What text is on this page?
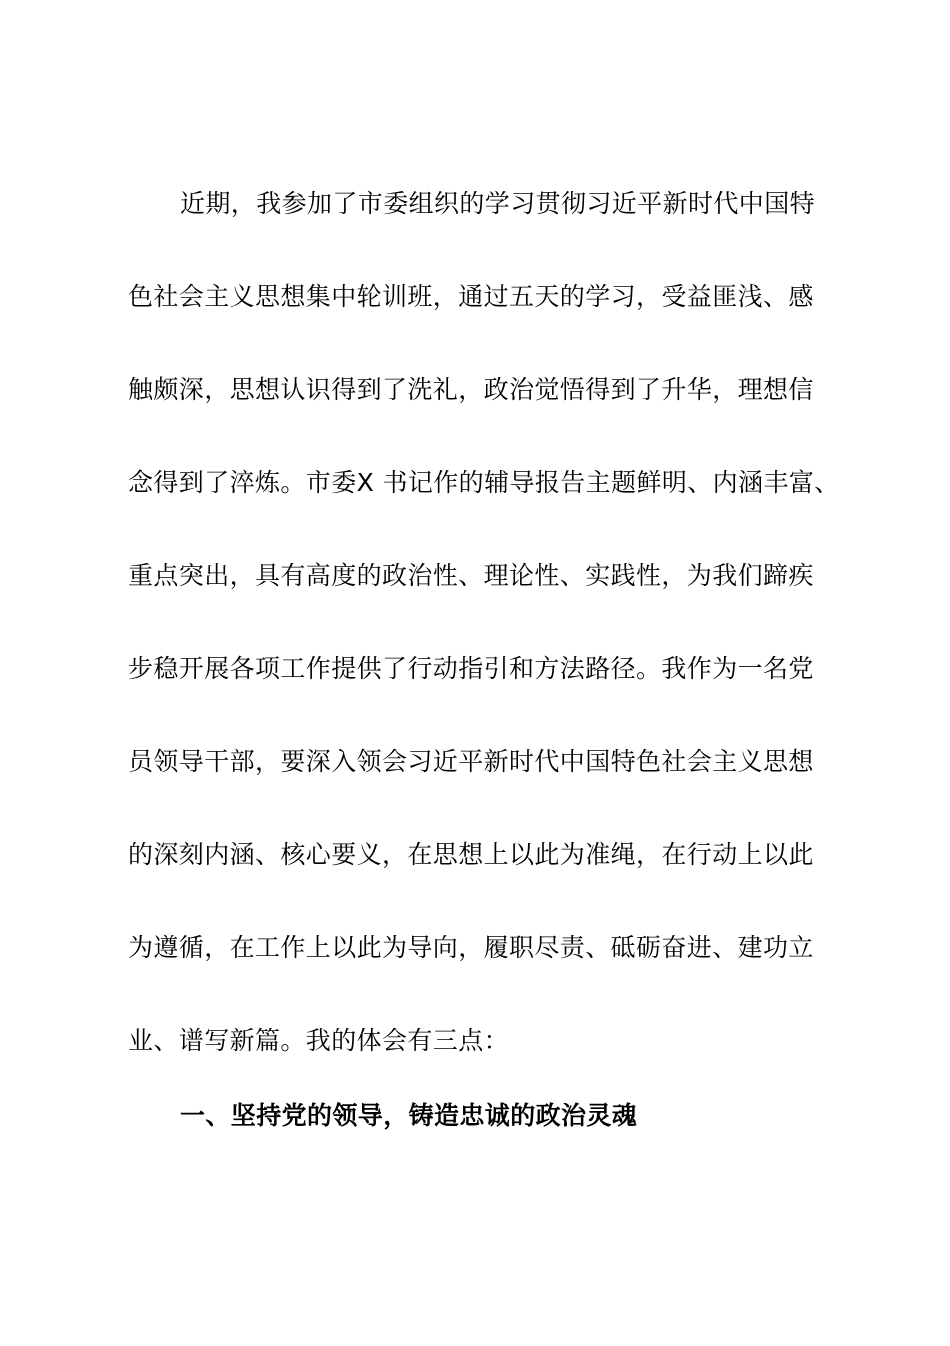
近期，我参加了市委组织的学习贯彻习近平新时代中国特
色社会主义思想集中轮训班，通过五天的学习，受益匪浅、感
触颇深，思想认识得到了洗礼，政治觉悟得到了升华，理想信
念得到了淬炼。市委X 书记作的辅导报告主题鲜明、内涵丰富、
重点突出，具有高度的政治性、理论性、实践性，为我们蹄疾
步稳开展各项工作提供了行动指引和方法路径。我作为一名党
员领导干部，要深入领会习近平新时代中国特色社会主义思想
的深刻内涵、核心要义，在思想上以此为准绳，在行动上以此
为遵循，在工作上以此为导向，履职尽责、砥砺奋进、建功立
业、谱写新篇。我的体会有三点：
一、坚持党的领导，铸造忠诚的政治灵魂
